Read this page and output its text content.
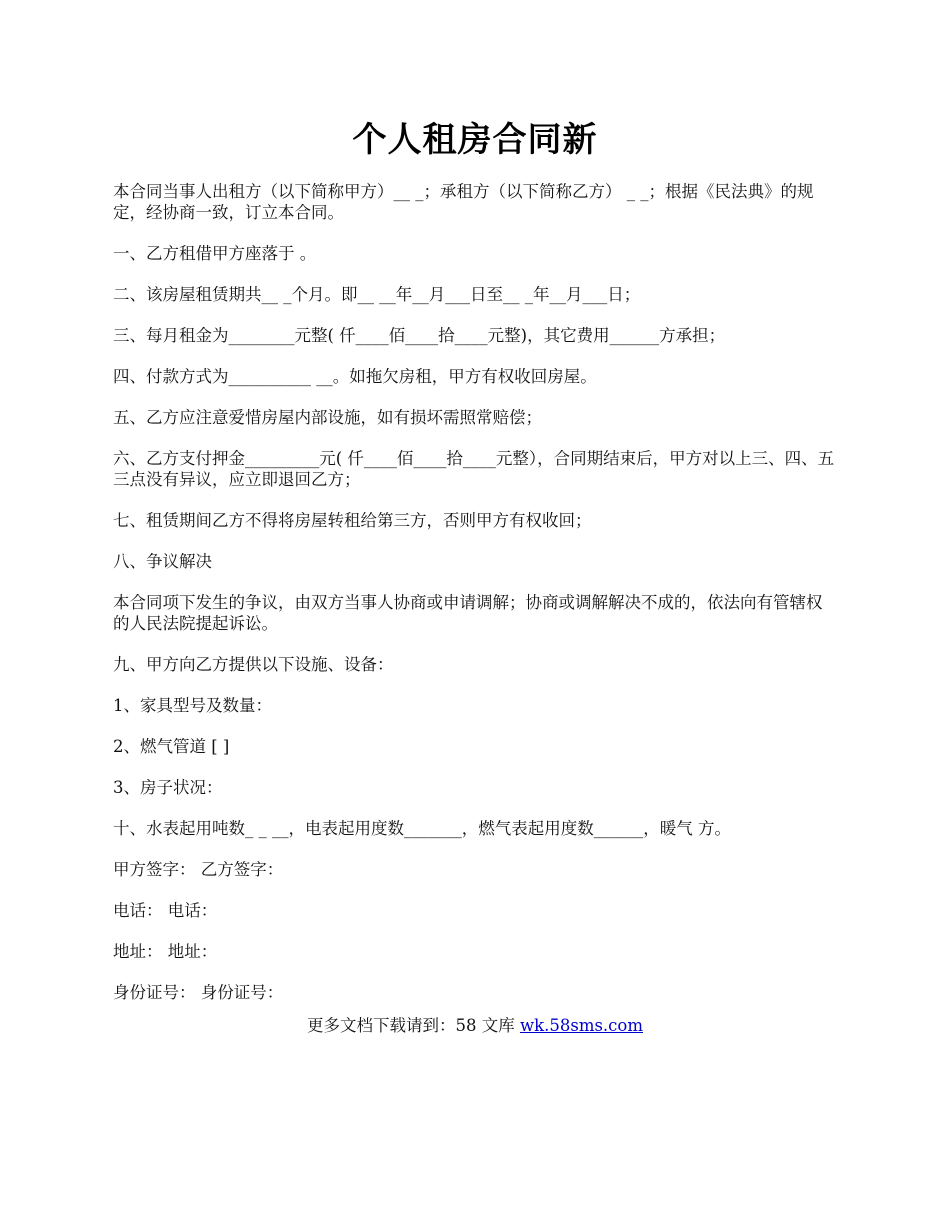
个人租房合同新

本合同当事人出租方（以下简称甲方）__ _；承租方（以下简称乙方） _ _；根据《民法典》的规定，经协商一致，订立本合同。

一、乙方租借甲方座落于 。

二、该房屋租赁期共__ _个月。即__ __年__月___日至__ _年__月___日；

三、每月租金为________元整( 仟____佰____拾____元整)，其它费用______方承担；

四、付款方式为__________ __。如拖欠房租，甲方有权收回房屋。

五、乙方应注意爱惜房屋内部设施，如有损坏需照常赔偿；

六、乙方支付押金_________元( 仟____佰____拾____元整），合同期结束后，甲方对以上三、四、五三点没有异议，应立即退回乙方；

七、租赁期间乙方不得将房屋转租给第三方，否则甲方有权收回；

八、争议解决

本合同项下发生的争议，由双方当事人协商或申请调解；协商或调解解决不成的，依法向有管辖权的人民法院提起诉讼。

九、甲方向乙方提供以下设施、设备：

1、家具型号及数量：

2、燃气管道 [ ]

3、房子状况：

十、水表起用吨数_ _ __，电表起用度数_______，燃气表起用度数______，暖气 方。

甲方签字： 乙方签字：

电话： 电话：

地址： 地址：

身份证号： 身份证号：

更多文档下载请到：58 文库 wk.58sms.com
